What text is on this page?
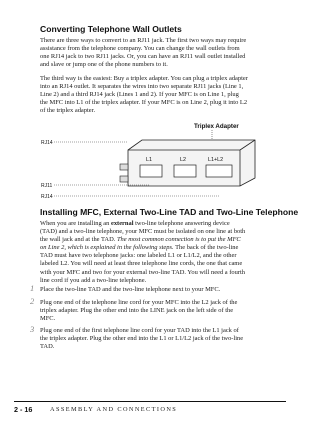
Converting Telephone Wall Outlets
There are three ways to convert to an RJ11 jack. The first two ways may require
assistance from the telephone company. You can change the wall outlets from
one RJ14 jack to two RJ11 jacks. Or, you can have an RJ11 wall outlet installed
and slave or jump one of the phone numbers to it.
The third way is the easiest: Buy a triplex adapter. You can plug a triplex adapter
into an RJ14 outlet. It separates the wires into two separate RJ11 jacks (Line 1,
Line 2) and a third RJ14 jack (Lines 1 and 2). If your MFC is on Line 1, plug
the MFC into L1 of the triplex adapter. If your MFC is on Line 2, plug it into L2
of the triplex adapter.
Triplex Adapter
RJ14
L1	L2	L1+L2
RJ11
RJ14
Installing MFC, External Two-Line TAD and Two-Line Telephone
When you are installing an external two-line telephone answering device
(TAD) and a two-line telephone, your MFC must be isolated on one line at both
the wall jack and at the TAD. The most common connection is to put the MFC
on Line 2, which is explained in the following steps. The back of the two-line
TAD must have two telephone jacks: one labeled L1 or L1/L2, and the other
labeled L2. You will need at least three telephone line cords, the one that came
with your MFC and two for your external two-line TAD. You will need a fourth
line cord if you add a two-line telephone.
1 Place the two-line TAD and the two-line telephone next to your MFC.
2 Plug one end of the telephone line cord for your MFC into the L2 jack of the
triplex adapter. Plug the other end into the LINE jack on the left side of the
MFC.
3 Plug one end of the first telephone line cord for your TAD into the L1 jack of
the triplex adapter. Plug the other end into the L1 or L1/L2 jack of the two-line
TAD.
2 - 16	ASSEMBLY AND CONNECTIONS
